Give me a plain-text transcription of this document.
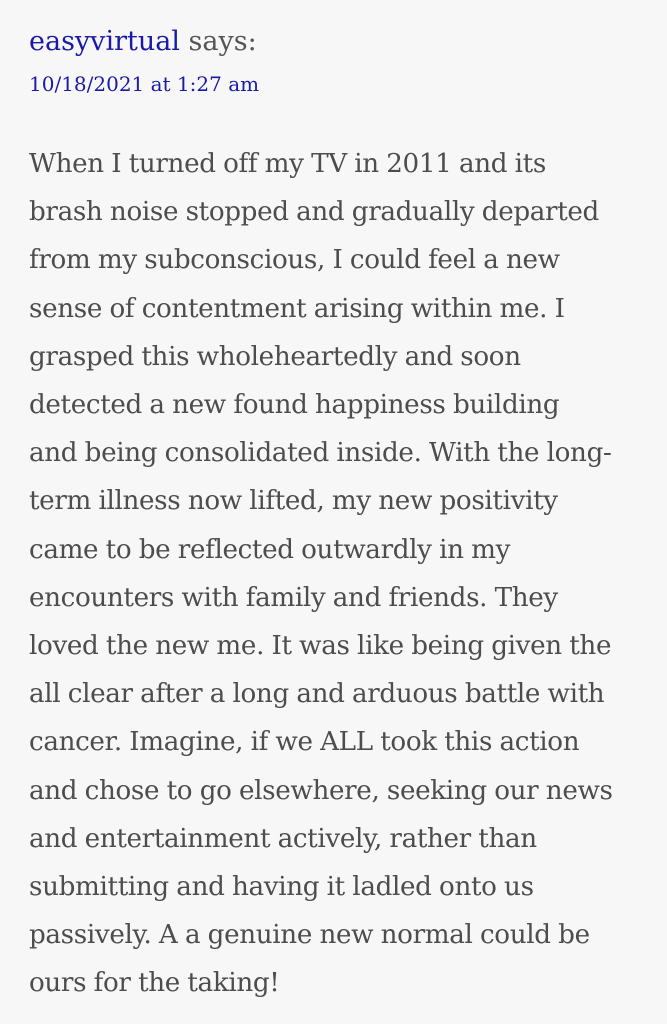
easyvirtual says:
10/18/2021 at 1:27 am

When I turned off my TV in 2011 and its
brash noise stopped and gradually departed
from my subconscious, I could feel a new
sense of contentment arising within me. I
grasped this wholeheartedly and soon
detected a new found happiness building
and being consolidated inside. With the long-
term illness now lifted, my new positivity
came to be reflected outwardly in my
encounters with family and friends. They
loved the new me. It was like being given the
all clear after a long and arduous battle with
cancer. Imagine, if we ALL took this action
and chose to go elsewhere, seeking our news
and entertainment actively, rather than
submitting and having it ladled onto us
passively. A a genuine new normal could be
ours for the taking!
